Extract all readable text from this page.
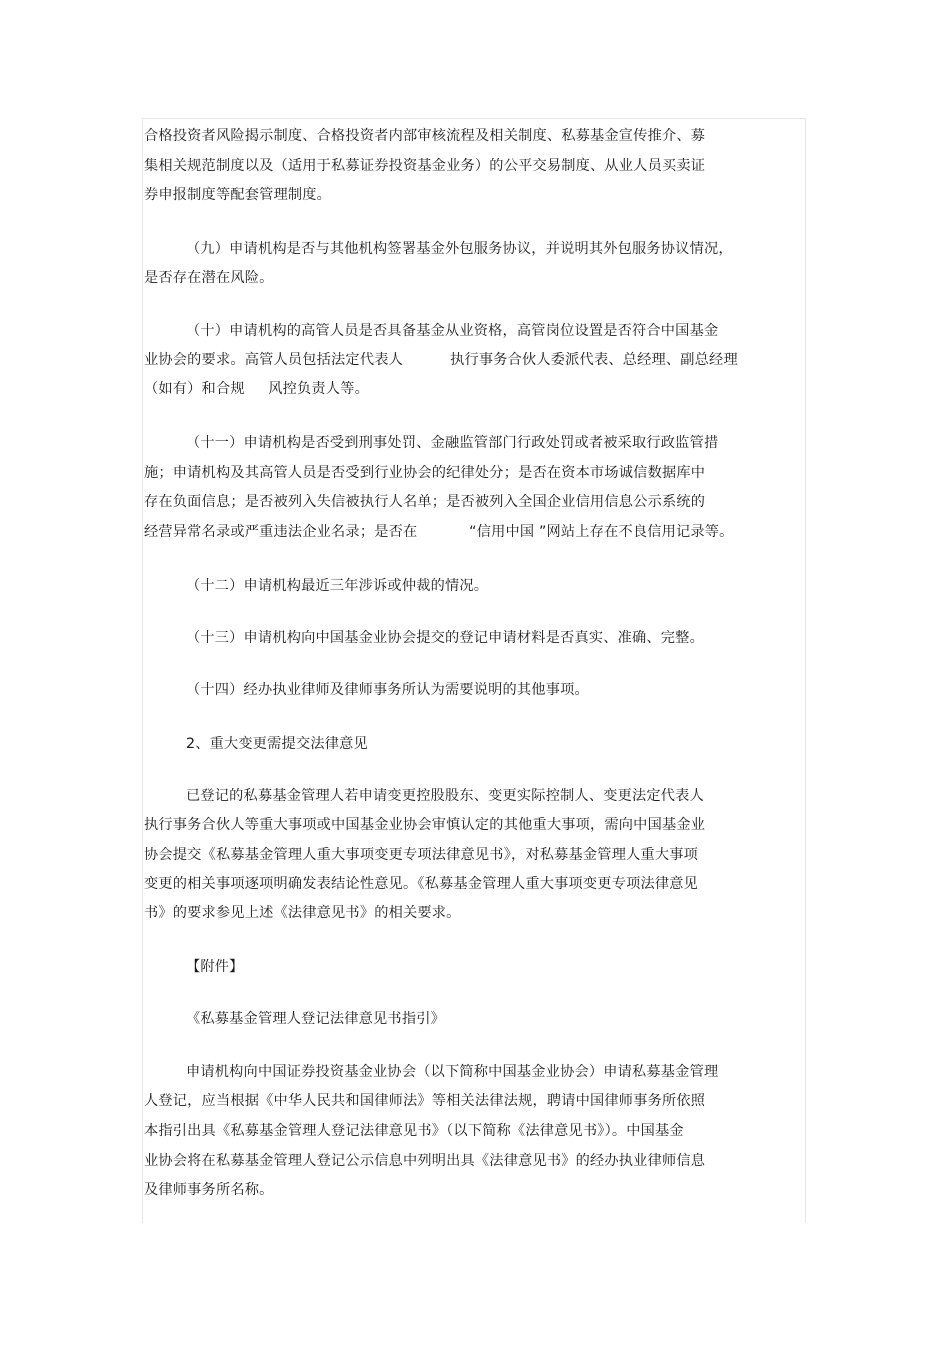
合格投资者风险揭示制度、合格投资者内部审核流程及相关制度、私募基金宣传推介、募
集相关规范制度以及（适用于私募证券投资基金业务）的公平交易制度、从业人员买卖证
券申报制度等配套管理制度。
（九）申请机构是否与其他机构签署基金外包服务协议，并说明其外包服务协议情况，
是否存在潜在风险。
（十）申请机构的高管人员是否具备基金从业资格，高管岗位设置是否符合中国基金
业协会的要求。高管人员包括法定代表人          执行事务合伙人委派代表、总经理、副总经理
（如有）和合规     风控负责人等。
（十一）申请机构是否受到刑事处罚、金融监管部门行政处罚或者被采取行政监管措
施；申请机构及其高管人员是否受到行业协会的纪律处分；是否在资本市场诚信数据库中
存在负面信息；是否被列入失信被执行人名单；是否被列入全国企业信用信息公示系统的
经营异常名录或严重违法企业名录；是否在           “信用中国 ”网站上存在不良信用记录等。
（十二）申请机构最近三年涉诉或仲裁的情况。
（十三）申请机构向中国基金业协会提交的登记申请材料是否真实、准确、完整。
（十四）经办执业律师及律师事务所认为需要说明的其他事项。
2、重大变更需提交法律意见
已登记的私募基金管理人若申请变更控股股东、变更实际控制人、变更法定代表人
执行事务合伙人等重大事项或中国基金业协会审慎认定的其他重大事项，需向中国基金业
协会提交《私募基金管理人重大事项变更专项法律意见书》，对私募基金管理人重大事项
变更的相关事项逐项明确发表结论性意见。《私募基金管理人重大事项变更专项法律意见
书》的要求参见上述《法律意见书》的相关要求。
【附件】
《私募基金管理人登记法律意见书指引》
申请机构向中国证券投资基金业协会（以下简称中国基金业协会）申请私募基金管理
人登记，应当根据《中华人民共和国律师法》等相关法律法规，聘请中国律师事务所依照
本指引出具《私募基金管理人登记法律意见书》（以下简称《法律意见书》）。中国基金
业协会将在私募基金管理人登记公示信息中列明出具《法律意见书》的经办执业律师信息
及律师事务所名称。
